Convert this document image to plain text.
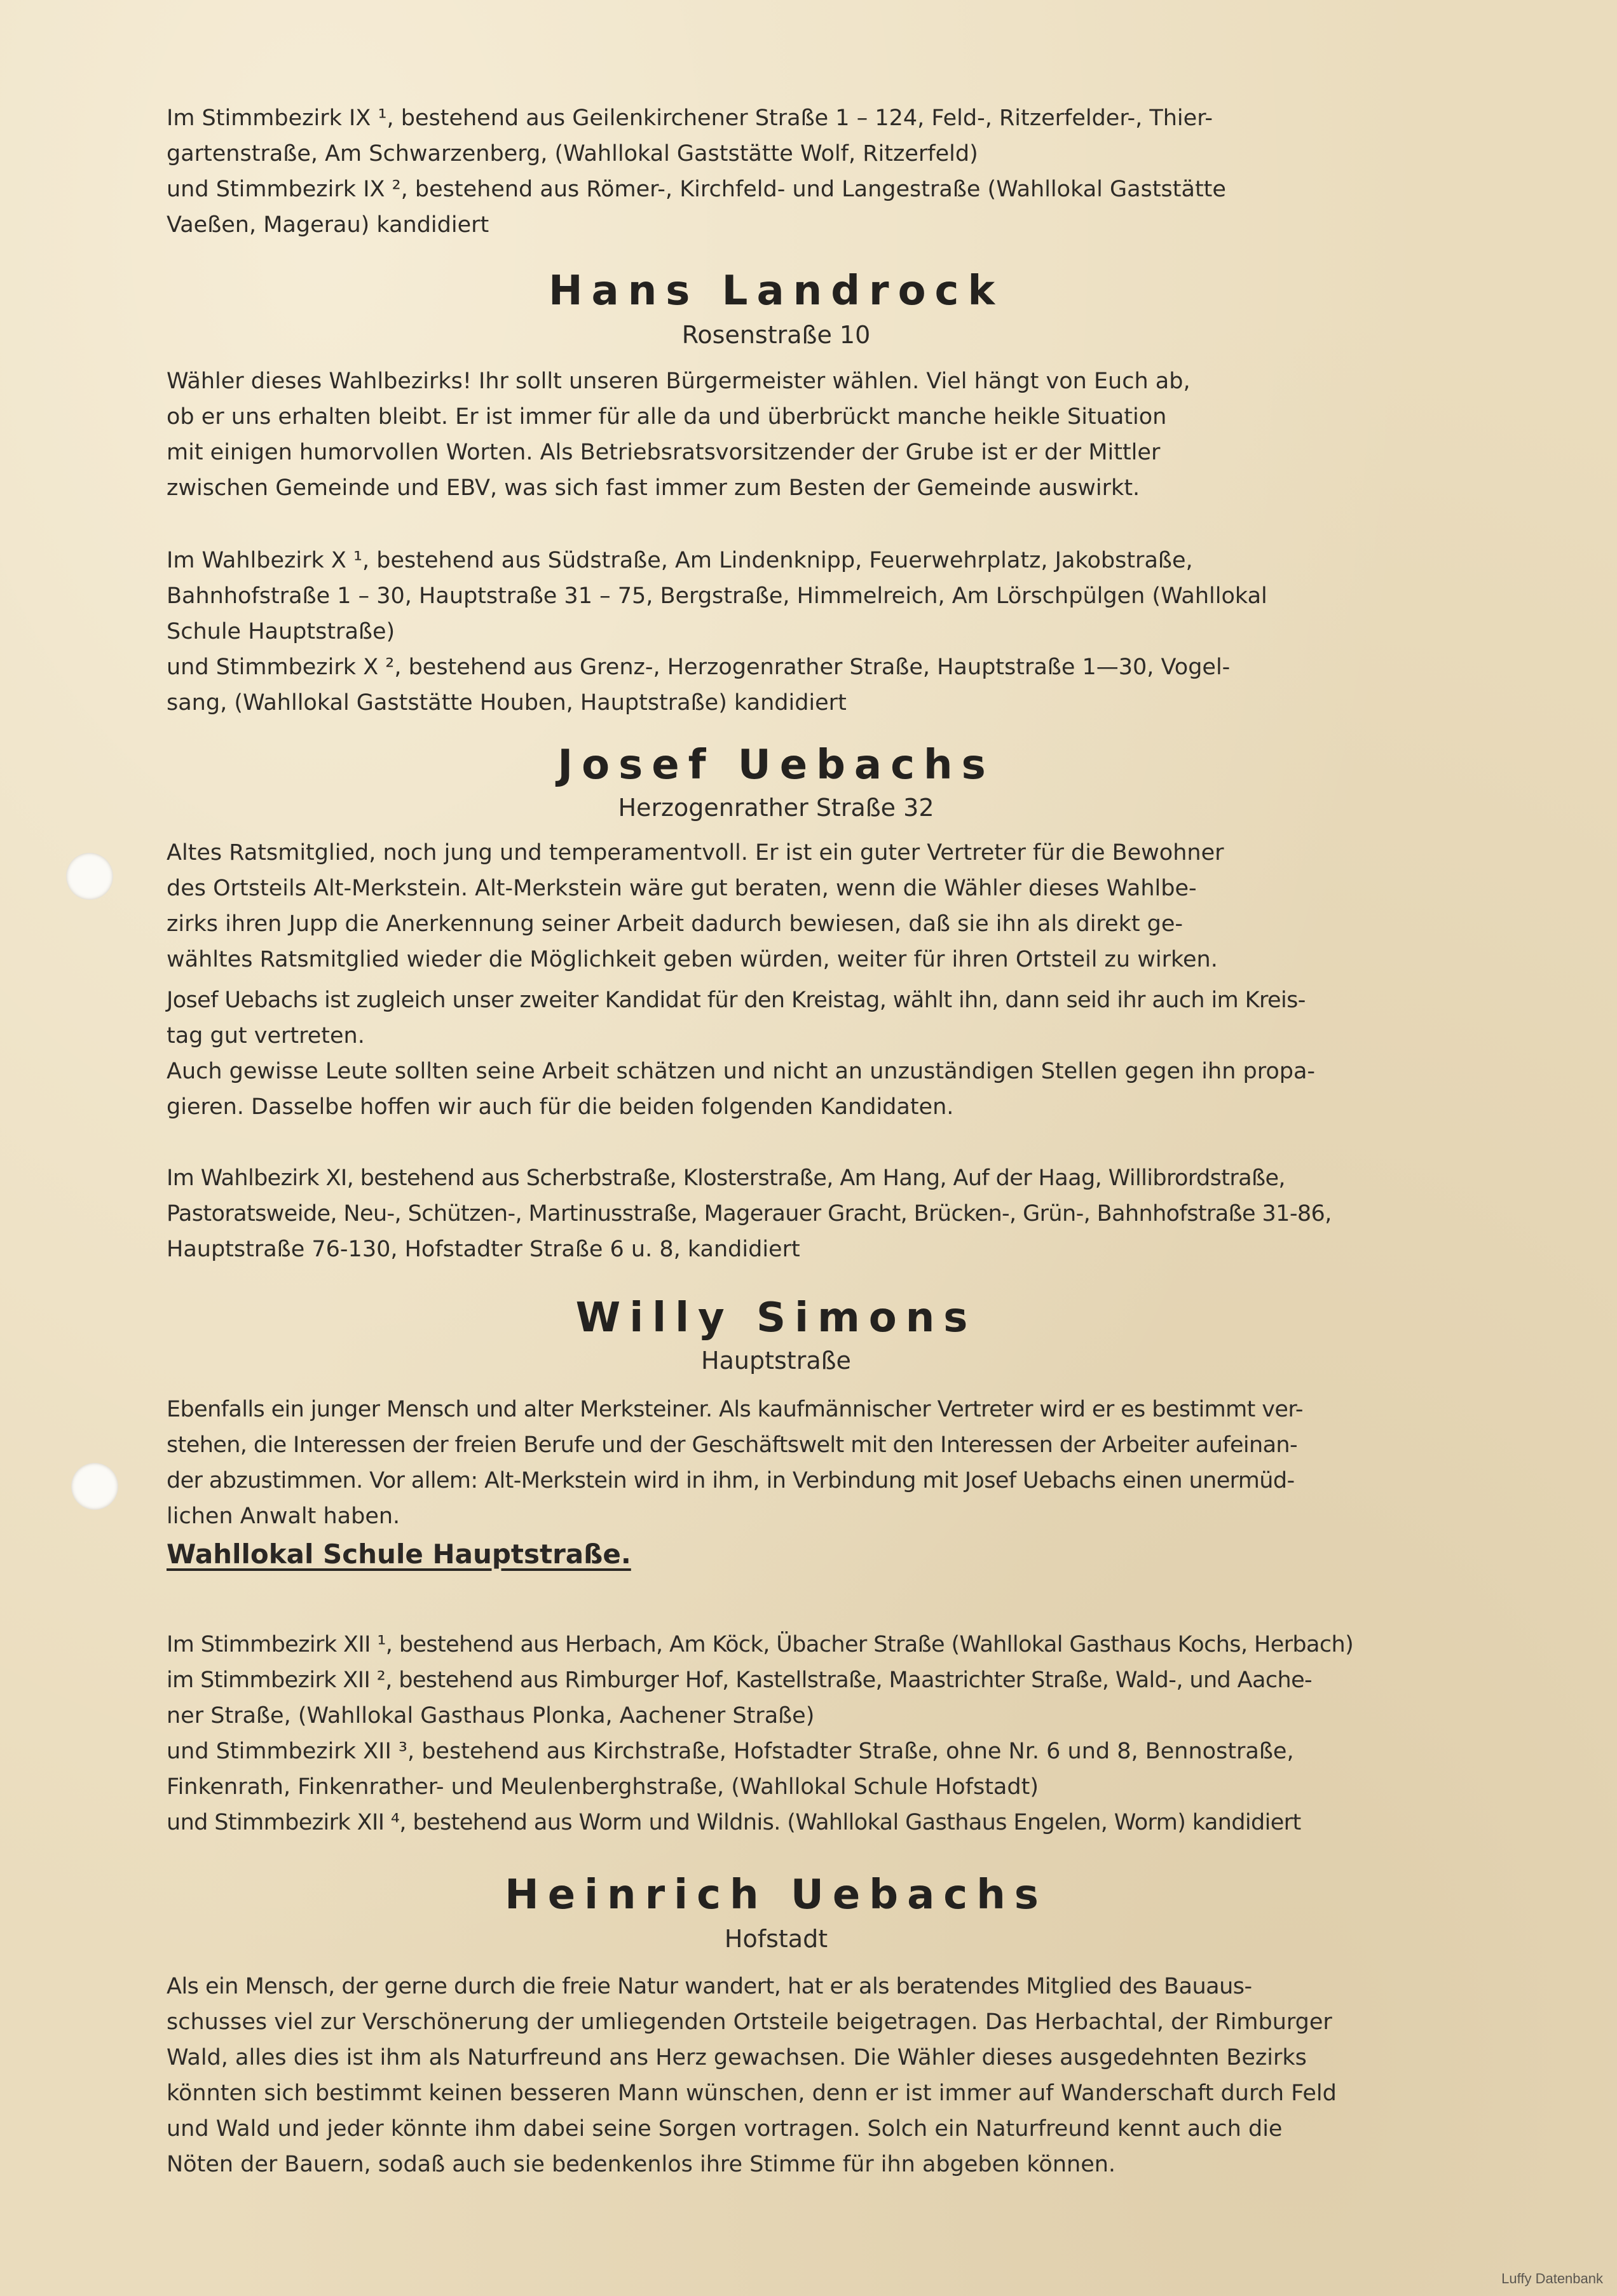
Im Stimmbezirk IX ¹, bestehend aus Geilenkirchener Straße 1 – 124, Feld-, Ritzerfelder-, Thier-

gartenstraße, Am Schwarzenberg, (Wahllokal Gaststätte Wolf, Ritzerfeld)

und Stimmbezirk IX ², bestehend aus Römer-, Kirchfeld- und Langestraße (Wahllokal Gaststätte

Vaeßen, Magerau) kandidiert

Hans Landrock
Rosenstraße 10

Wähler dieses Wahlbezirks! Ihr sollt unseren Bürgermeister wählen. Viel hängt von Euch ab,

ob er uns erhalten bleibt. Er ist immer für alle da und überbrückt manche heikle Situation

mit einigen humorvollen Worten. Als Betriebsratsvorsitzender der Grube ist er der Mittler

zwischen Gemeinde und EBV, was sich fast immer zum Besten der Gemeinde auswirkt.

Im Wahlbezirk X ¹, bestehend aus Südstraße, Am Lindenknipp, Feuerwehrplatz, Jakobstraße,

Bahnhofstraße 1 – 30, Hauptstraße 31 – 75, Bergstraße, Himmelreich, Am Lörschpülgen (Wahllokal

Schule Hauptstraße)

und Stimmbezirk X ², bestehend aus Grenz-, Herzogenrather Straße, Hauptstraße 1—30, Vogel-

sang, (Wahllokal Gaststätte Houben, Hauptstraße) kandidiert

Josef Uebachs
Herzogenrather Straße 32

Altes Ratsmitglied, noch jung und temperamentvoll. Er ist ein guter Vertreter für die Bewohner

des Ortsteils Alt-Merkstein. Alt-Merkstein wäre gut beraten, wenn die Wähler dieses Wahlbe-

zirks ihren Jupp die Anerkennung seiner Arbeit dadurch bewiesen, daß sie ihn als direkt ge-

wähltes Ratsmitglied wieder die Möglichkeit geben würden, weiter für ihren Ortsteil zu wirken.

Josef Uebachs ist zugleich unser zweiter Kandidat für den Kreistag, wählt ihn, dann seid ihr auch im Kreis-

tag gut vertreten.

Auch gewisse Leute sollten seine Arbeit schätzen und nicht an unzuständigen Stellen gegen ihn propa-

gieren. Dasselbe hoffen wir auch für die beiden folgenden Kandidaten.

Im Wahlbezirk XI, bestehend aus Scherbstraße, Klosterstraße, Am Hang, Auf der Haag, Willibrordstraße,

Pastoratsweide, Neu-, Schützen-, Martinusstraße, Magerauer Gracht, Brücken-, Grün-, Bahnhofstraße 31-86,

Hauptstraße 76-130, Hofstadter Straße 6 u. 8, kandidiert

Willy Simons
Hauptstraße

Ebenfalls ein junger Mensch und alter Merksteiner. Als kaufmännischer Vertreter wird er es bestimmt ver-

stehen, die Interessen der freien Berufe und der Geschäftswelt mit den Interessen der Arbeiter aufeinan-

der abzustimmen. Vor allem: Alt-Merkstein wird in ihm, in Verbindung mit Josef Uebachs einen unermüd-

lichen Anwalt haben.

Wahllokal Schule Hauptstraße.

Im Stimmbezirk XII ¹, bestehend aus Herbach, Am Köck, Übacher Straße (Wahllokal Gasthaus Kochs, Herbach)

im Stimmbezirk XII ², bestehend aus Rimburger Hof, Kastellstraße, Maastrichter Straße, Wald-, und Aache-

ner Straße, (Wahllokal Gasthaus Plonka, Aachener Straße)

und Stimmbezirk XII ³, bestehend aus Kirchstraße, Hofstadter Straße, ohne Nr. 6 und 8, Bennostraße,

Finkenrath, Finkenrather- und Meulenberghstraße, (Wahllokal Schule Hofstadt)

und Stimmbezirk XII ⁴, bestehend aus Worm und Wildnis. (Wahllokal Gasthaus Engelen, Worm) kandidiert

Heinrich Uebachs
Hofstadt

Als ein Mensch, der gerne durch die freie Natur wandert, hat er als beratendes Mitglied des Bauaus-

schusses viel zur Verschönerung der umliegenden Ortsteile beigetragen. Das Herbachtal, der Rimburger

Wald, alles dies ist ihm als Naturfreund ans Herz gewachsen. Die Wähler dieses ausgedehnten Bezirks

könnten sich bestimmt keinen besseren Mann wünschen, denn er ist immer auf Wanderschaft durch Feld

und Wald und jeder könnte ihm dabei seine Sorgen vortragen. Solch ein Naturfreund kennt auch die

Nöten der Bauern, sodaß auch sie bedenkenlos ihre Stimme für ihn abgeben können.

Luffy Datenbank
